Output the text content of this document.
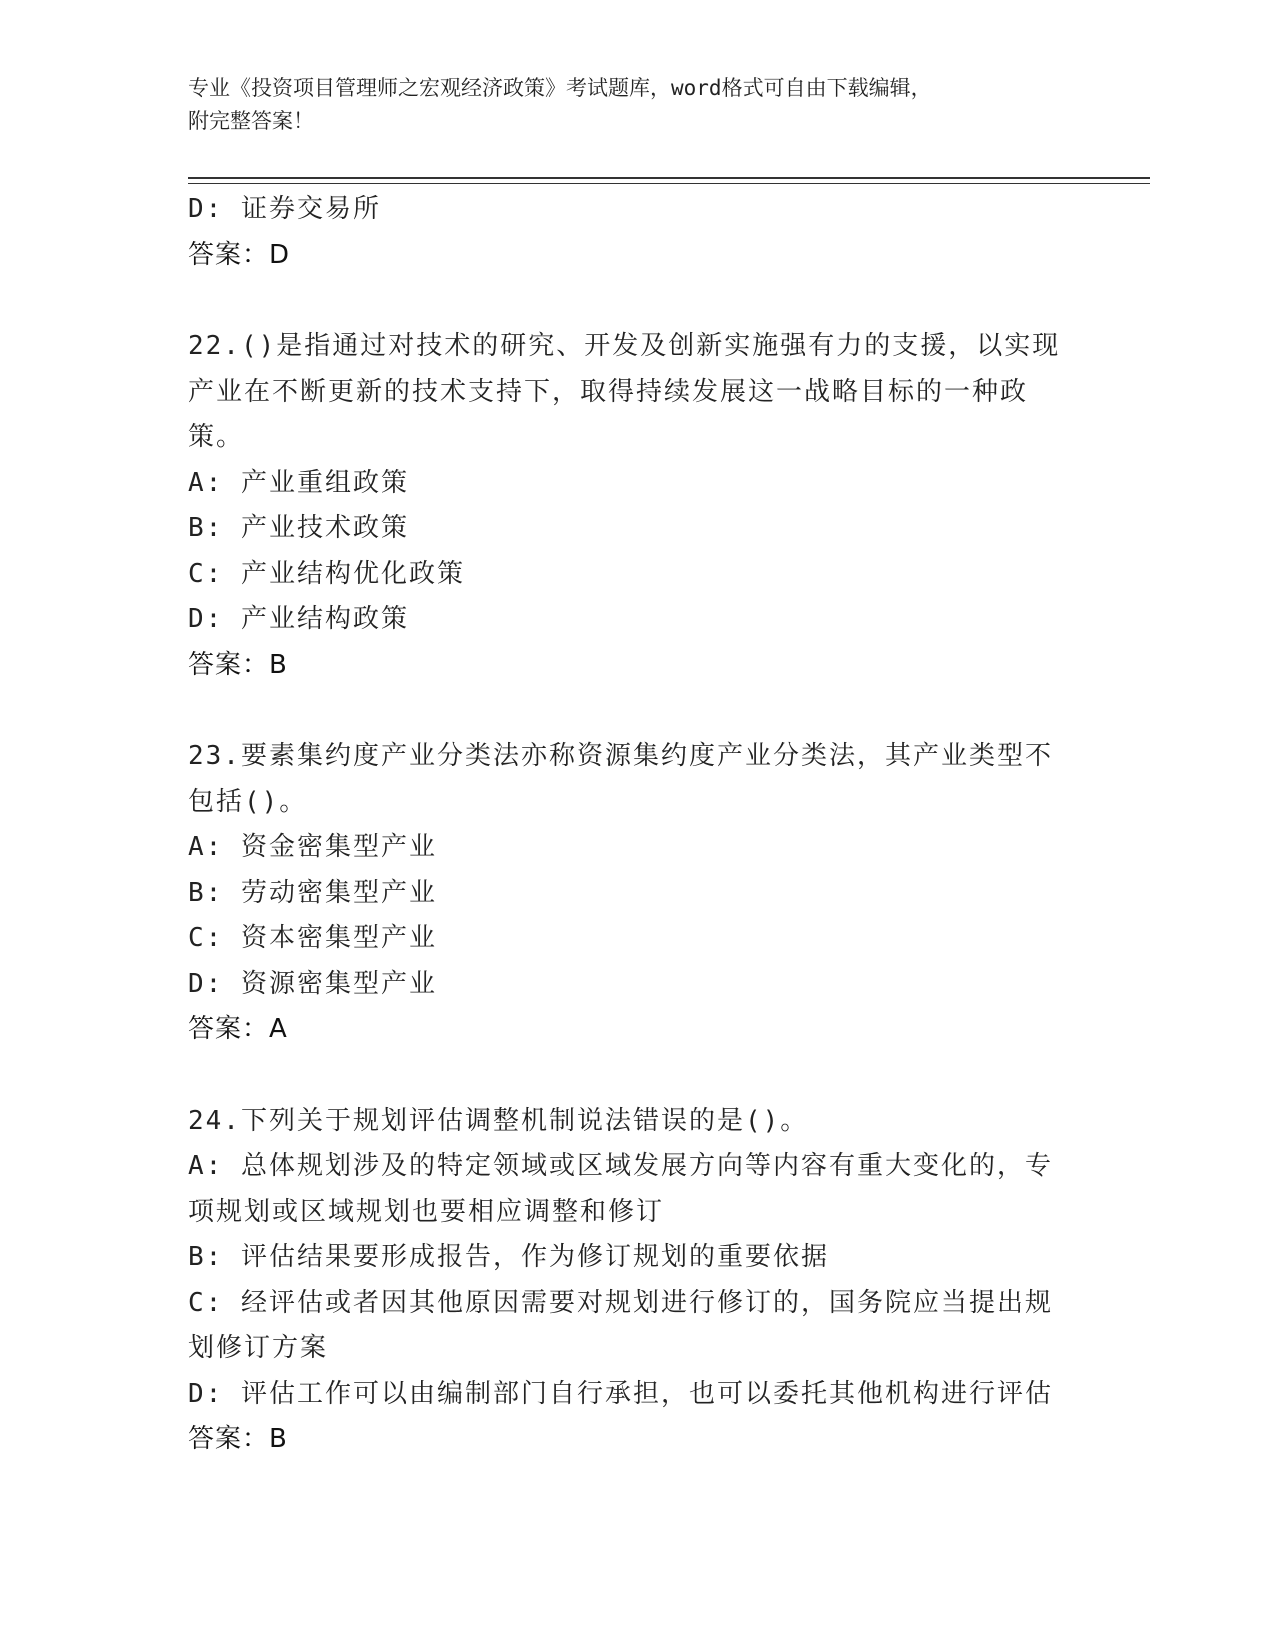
专业《投资项目管理师之宏观经济政策》考试题库，word格式可自由下载编辑，
附完整答案！
D: 证券交易所
答案：D
22.()是指通过对技术的研究、开发及创新实施强有力的支援，以实现
产业在不断更新的技术支持下，取得持续发展这一战略目标的一种政
策。
A: 产业重组政策
B: 产业技术政策
C: 产业结构优化政策
D: 产业结构政策
答案：B
23.要素集约度产业分类法亦称资源集约度产业分类法，其产业类型不
包括()。
A: 资金密集型产业
B: 劳动密集型产业
C: 资本密集型产业
D: 资源密集型产业
答案：A
24.下列关于规划评估调整机制说法错误的是()。
A: 总体规划涉及的特定领域或区域发展方向等内容有重大变化的，专
项规划或区域规划也要相应调整和修订
B: 评估结果要形成报告，作为修订规划的重要依据
C: 经评估或者因其他原因需要对规划进行修订的，国务院应当提出规
划修订方案
D: 评估工作可以由编制部门自行承担，也可以委托其他机构进行评估
答案：B
